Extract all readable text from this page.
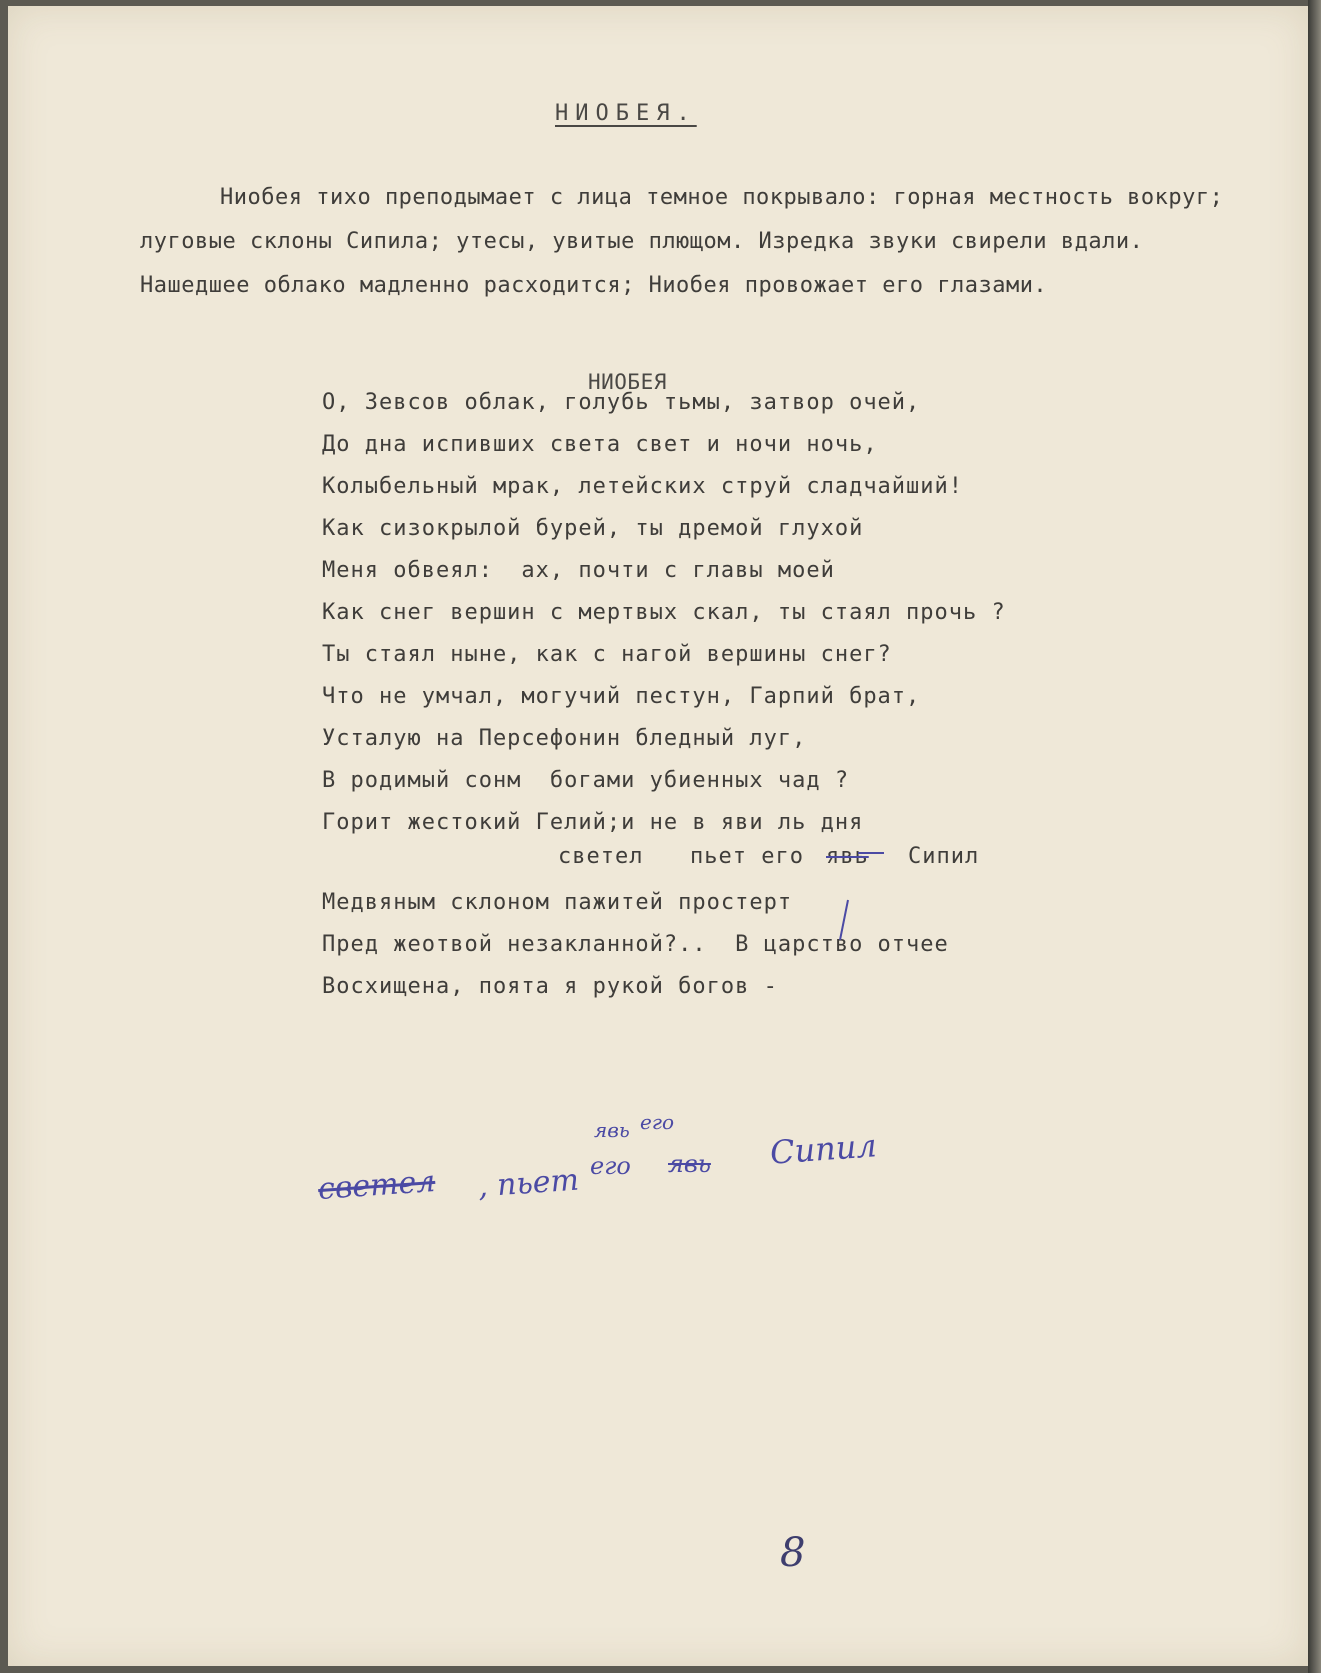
НИОБЕЯ.
Ниобея тихо преподымает с лица темное покрывало: горная местность вокруг; луговые склоны Сипила; утесы, увитые плющом. Изредка звуки свирели вдали. Нашедшее облако мадленно расходится; Ниобея провожает его глазами.
НИОБЕЯ
О, Зевсов облак, голубь тьмы, затвор очей,
До дна испивших света свет и ночи ночь,
Колыбельный мрак, летейских струй сладчайший!
Как сизокрылой бурей, ты дремой глухой
Меня обвеял:  ах, почти с главы моей
Как снег вершин с мертвых скал, ты стаял прочь ?
Ты стаял ныне, как с нагой вершины снег?
Что не умчал, могучий пестун, Гарпий брат,
Усталую на Персефонин бледный луг,
В родимый сонм  богами убиенных чад ?
Горит жестокий Гелий;и не в яви ль дня
светел пьет его явь Сипил
Медвяным склоном пажитей простерт
Пред жеотвой незакланной?..  В царство отчее
Восхищена, поята я рукой богов -
светел , пьет
явь его
его явь Сипил
8
